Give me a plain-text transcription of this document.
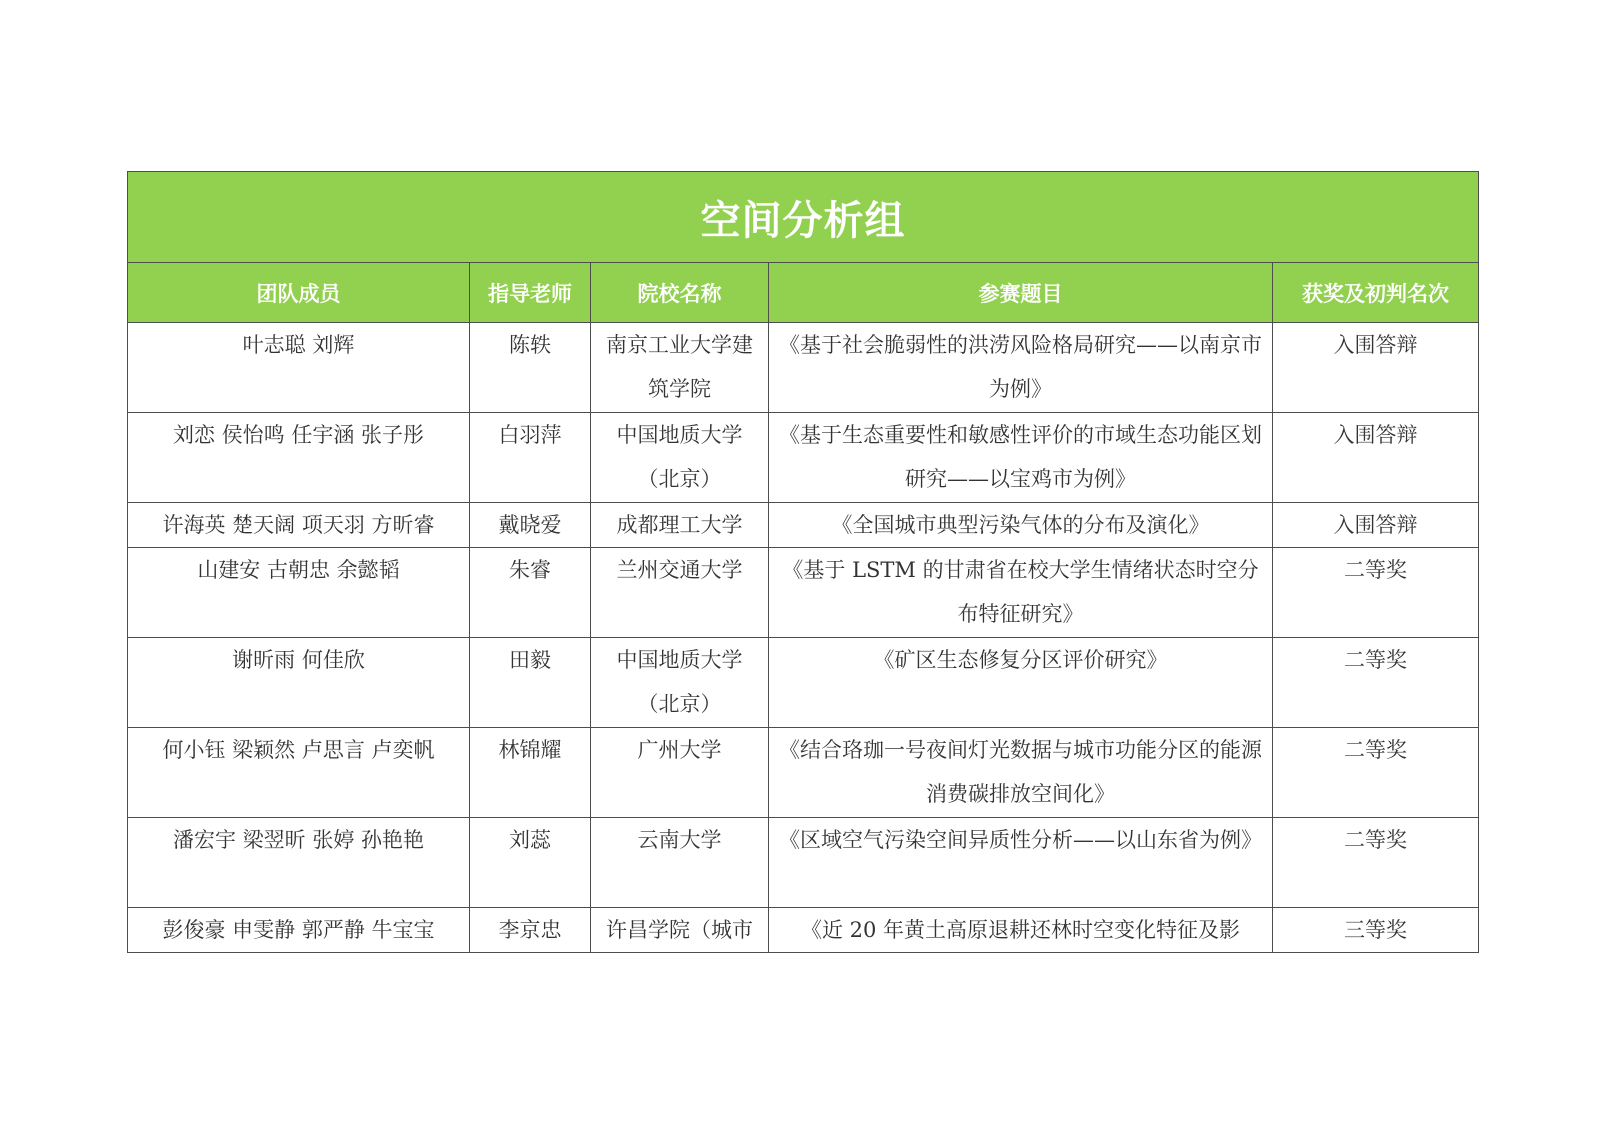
空间分析组				
团队成员	指导老师	院校名称	参赛题目	获奖及初判名次
叶志聪 刘辉	陈轶	南京工业大学建筑学院	《基于社会脆弱性的洪涝风险格局研究——以南京市为例》	入围答辩
刘恋 侯怡鸣 任宇涵 张子彤	白羽萍	中国地质大学（北京）	《基于生态重要性和敏感性评价的市域生态功能区划研究——以宝鸡市为例》	入围答辩
许海英 楚天阔 项天羽 方昕睿	戴晓爱	成都理工大学	《全国城市典型污染气体的分布及演化》	入围答辩
山建安 古朝忠 余懿韬	朱睿	兰州交通大学	《基于 LSTM 的甘肃省在校大学生情绪状态时空分布特征研究》	二等奖
谢昕雨 何佳欣	田毅	中国地质大学（北京）	《矿区生态修复分区评价研究》	二等奖
何小钰 梁颖然 卢思言 卢奕帆	林锦耀	广州大学	《结合珞珈一号夜间灯光数据与城市功能分区的能源消费碳排放空间化》	二等奖
潘宏宇 梁翌昕 张婷 孙艳艳	刘蕊	云南大学	《区域空气污染空间异质性分析——以山东省为例》	二等奖
彭俊豪 申雯静 郭严静 牛宝宝	李京忠	许昌学院（城市	《近 20 年黄土高原退耕还林时空变化特征及影	三等奖
